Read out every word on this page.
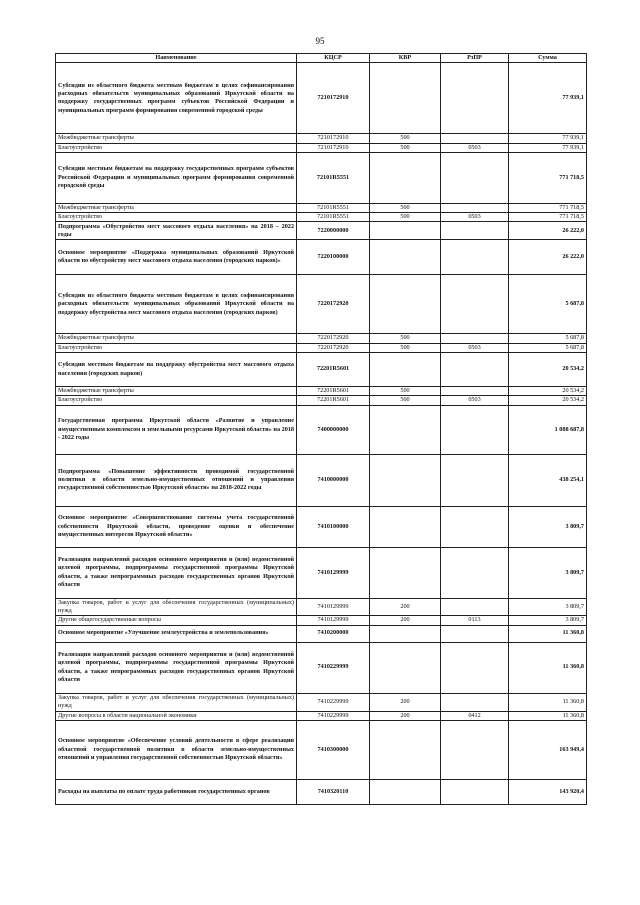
95
Наименование	КЦСР	КВР	РзПР	Сумма
Субсидии из областного бюджета местным бюджетам в целях софинансирования расходных обязательств муниципальных образований Иркутской области на поддержку государственных программ субъектов Российской Федерации и муниципальных программ формирования современной городской среды	7210172910			77 939,1
Межбюджетные трансферты	7210172910	500		77 939,1
Благоустройство	7210172910	500	0503	77 939,1
Субсидии местным бюджетам на поддержку государственных программ субъектов Российской Федерации и муниципальных программ формирования современной городской среды	72101R5551			771 718,5
Межбюджетные трансферты	72101R5551	500		771 718,5
Благоустройство	72101R5551	500	0503	771 718,5
Подпрограмма «Обустройство мест массового отдыха населения» на 2018 – 2022 годы	7220000000			26 222,0
Основное мероприятие «Поддержка муниципальных образований Иркутской области по обустройству мест массового отдыха населения (городских парков)»	7220100000			26 222,0
Субсидии из областного бюджета местным бюджетам в целях софинансирования расходных обязательств муниципальных образований Иркутской области на поддержку обустройства мест массового отдыха населения (городских парков)	7220172920			5 687,8
Межбюджетные трансферты	7220172920	500		5 687,8
Благоустройство	7220172920	500	0503	5 687,8
Субсидии местным бюджетам на поддержку обустройства мест массового отдыха населения (городских парков)	72201R5601			20 534,2
Межбюджетные трансферты	72201R5601	500		20 534,2
Благоустройство	72201R5601	500	0503	20 534,2
Государственная программа Иркутской области «Развитие и управление имущественным комплексом и земельными ресурсами Иркутской области» на 2018 - 2022 годы	7400000000			1 088 687,8
Подпрограмма «Повышение эффективности проводимой государственной политики в области земельно-имущественных отношений и управления государственной собственностью Иркутской области» на 2018-2022 годы	7410000000			438 254,1
Основное мероприятие «Совершенствование системы учета государственной собственности Иркутской области, проведение оценки и обеспечение имущественных интересов Иркутской области»	7410100000			3 809,7
Реализация направлений расходов основного мероприятия и (или) ведомственной целевой программы, подпрограммы государственной программы Иркутской области, а также непрограммных расходов государственных органов Иркутской области	7410129999			3 809,7
Закупка товаров, работ и услуг для обеспечения государственных (муниципальных) нужд	7410129999	200		3 809,7
Другие общегосударственные вопросы	7410129999	200	0113	3 809,7
Основное мероприятие «Улучшение землеустройства и землепользования»	7410200000			11 360,8
Реализация направлений расходов основного мероприятия и (или) ведомственной целевой программы, подпрограммы государственной программы Иркутской области, а также непрограммных расходов государственных органов Иркутской области	7410229999			11 360,8
Закупка товаров, работ и услуг для обеспечения государственных (муниципальных) нужд	7410229999	200		11 360,8
Другие вопросы в области национальной экономики	7410229999	200	0412	11 360,8
Основное мероприятие «Обеспечение условий деятельности в сфере реализации областной государственной политики в области земельно-имущественных отношений и управления государственной собственностью Иркутской области»	7410300000			163 949,4
Расходы на выплаты по оплате труда работников государственных органов	7410320110			143 920,4
